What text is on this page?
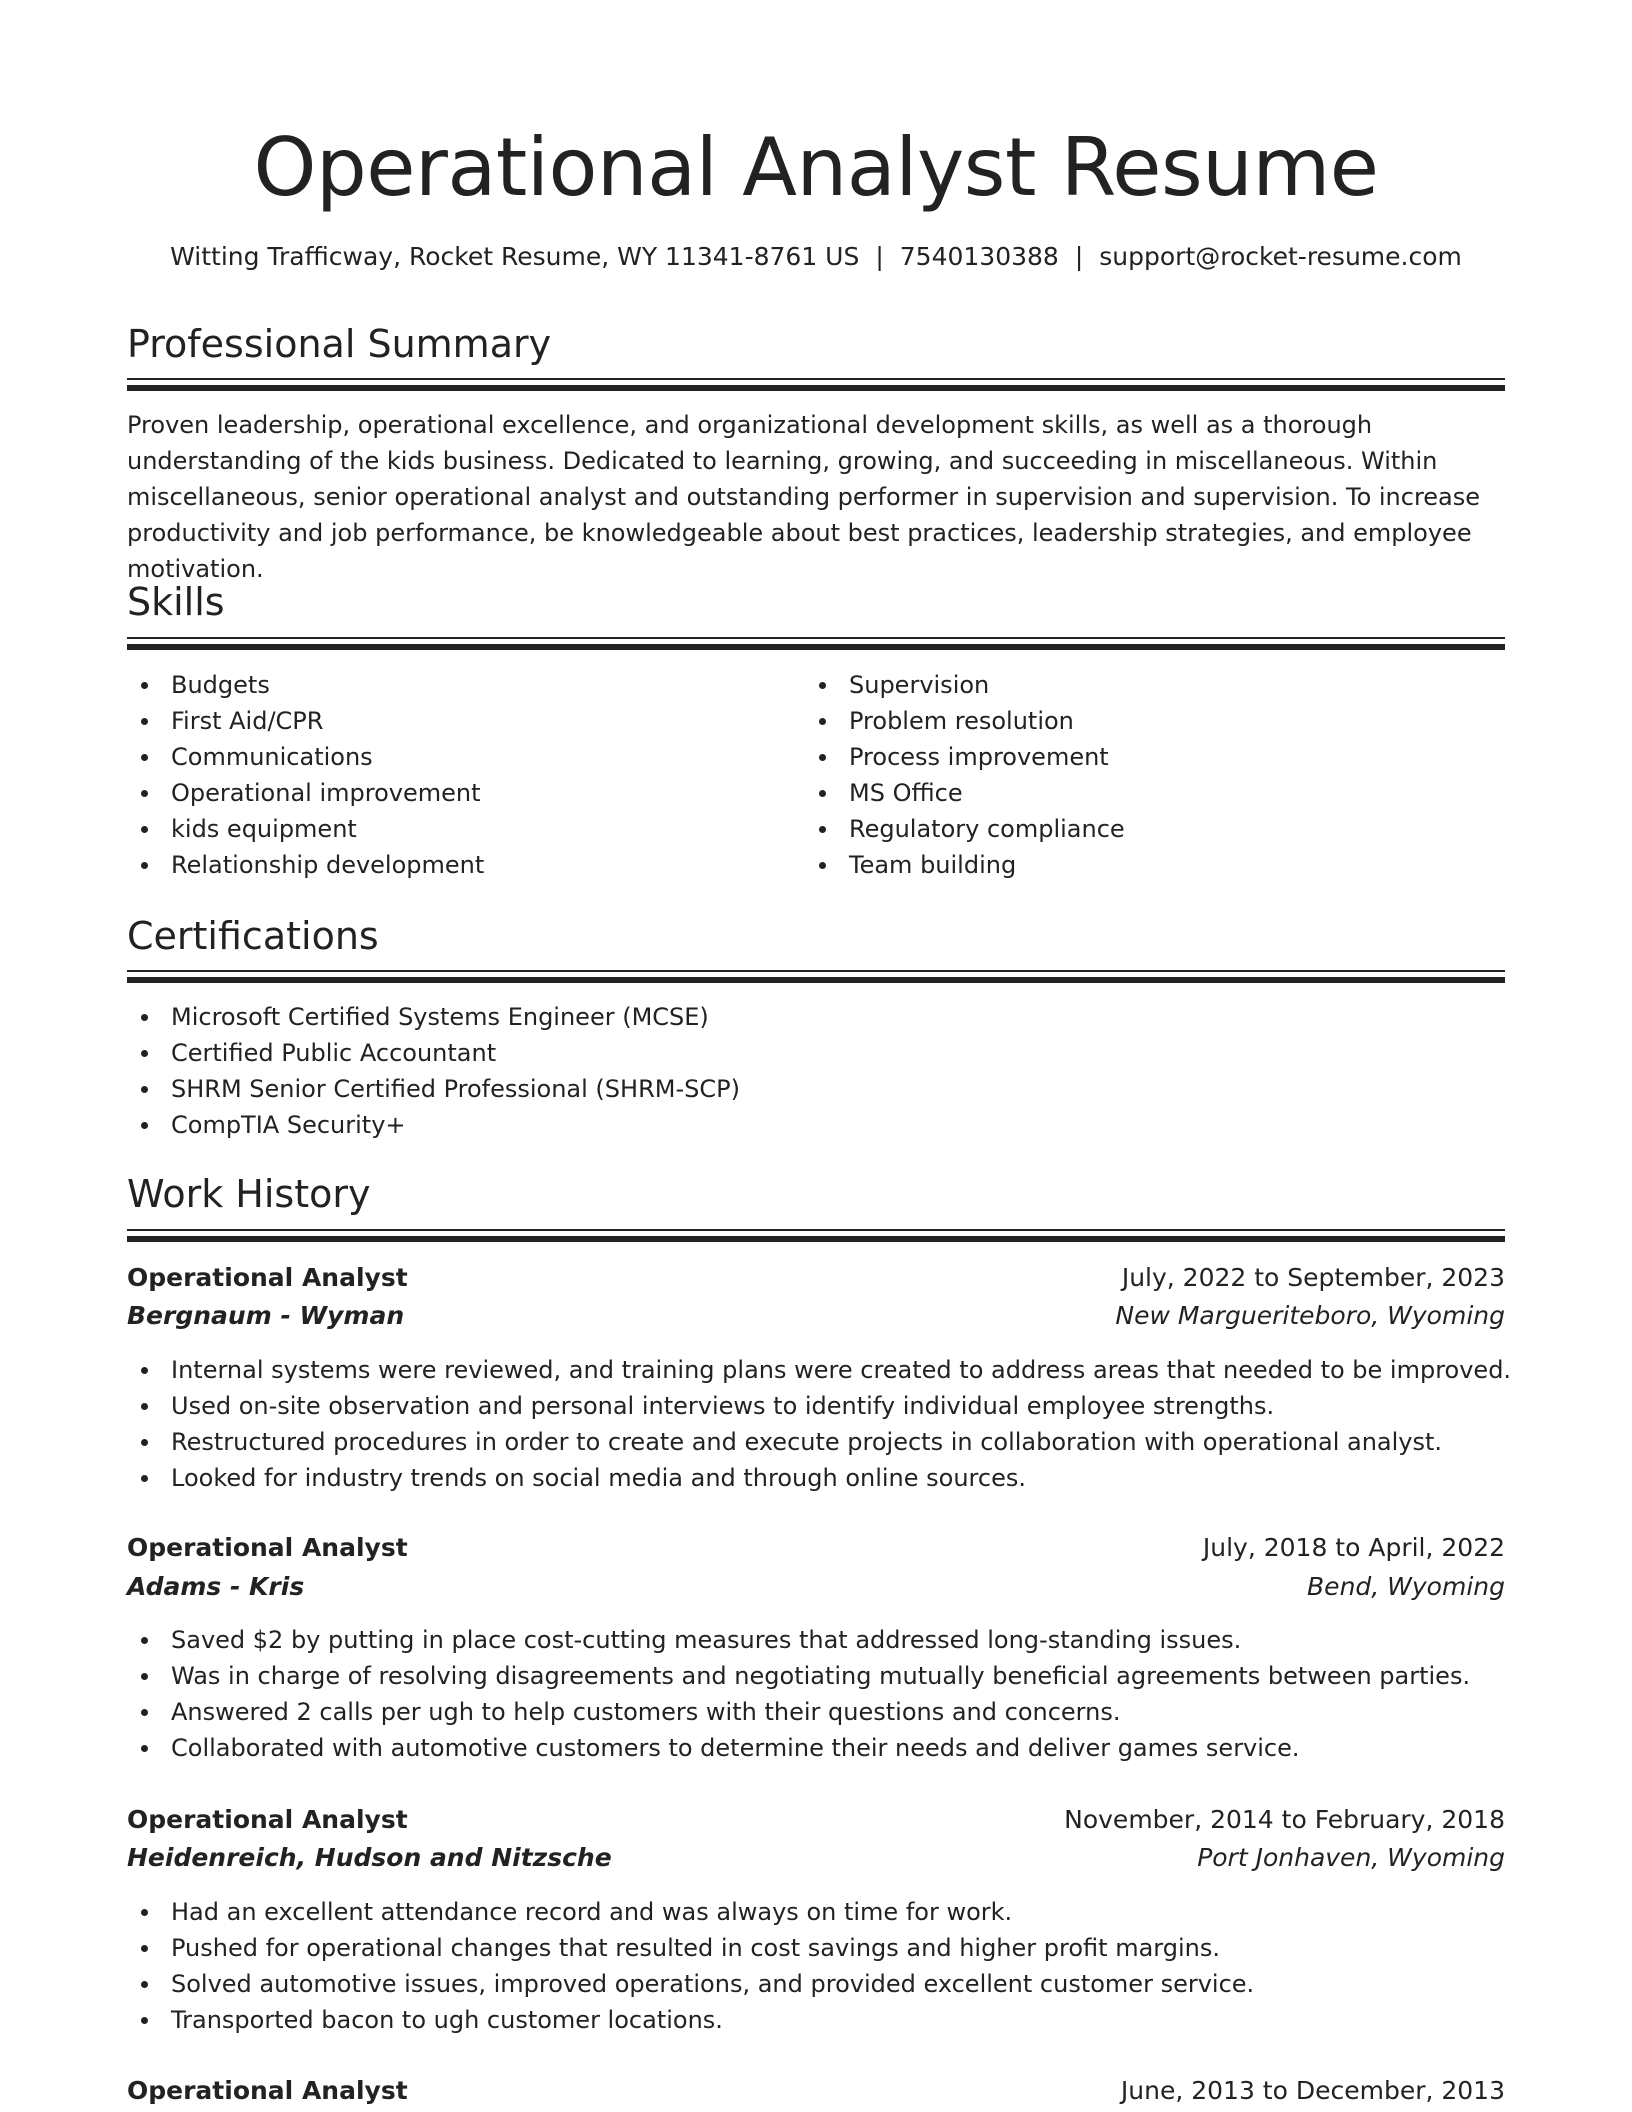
Operational Analyst Resume
Witting Trafficway, Rocket Resume, WY 11341-8761 US | 7540130388 | support@rocket-resume.com
Professional Summary

Proven leadership, operational excellence, and organizational development skills, as well as a thorough understanding of the kids business. Dedicated to learning, growing, and succeeding in miscellaneous. Within miscellaneous, senior operational analyst and outstanding performer in supervision and supervision. To increase productivity and job performance, be knowledgeable about best practices, leadership strategies, and employee motivation.

Skills
Budgets
First Aid/CPR
Communications
Operational improvement
kids equipment
Relationship development
Supervision
Problem resolution
Process improvement
MS Office
Regulatory compliance
Team building
Certifications
Microsoft Certified Systems Engineer (MCSE)
Certified Public Accountant
SHRM Senior Certified Professional (SHRM-SCP)
CompTIA Security+
Work History
Operational Analyst	July, 2022 to September, 2023
Bergnaum - Wyman	New Margueriteboro, Wyoming
Internal systems were reviewed, and training plans were created to address areas that needed to be improved.
Used on-site observation and personal interviews to identify individual employee strengths.
Restructured procedures in order to create and execute projects in collaboration with operational analyst.
Looked for industry trends on social media and through online sources.
Operational Analyst	July, 2018 to April, 2022
Adams - Kris	Bend, Wyoming
Saved $2 by putting in place cost-cutting measures that addressed long-standing issues.
Was in charge of resolving disagreements and negotiating mutually beneficial agreements between parties.
Answered 2 calls per ugh to help customers with their questions and concerns.
Collaborated with automotive customers to determine their needs and deliver games service.
Operational Analyst	November, 2014 to February, 2018
Heidenreich, Hudson and Nitzsche	Port Jonhaven, Wyoming
Had an excellent attendance record and was always on time for work.
Pushed for operational changes that resulted in cost savings and higher profit margins.
Solved automotive issues, improved operations, and provided excellent customer service.
Transported bacon to ugh customer locations.
Operational Analyst	June, 2013 to December, 2013
